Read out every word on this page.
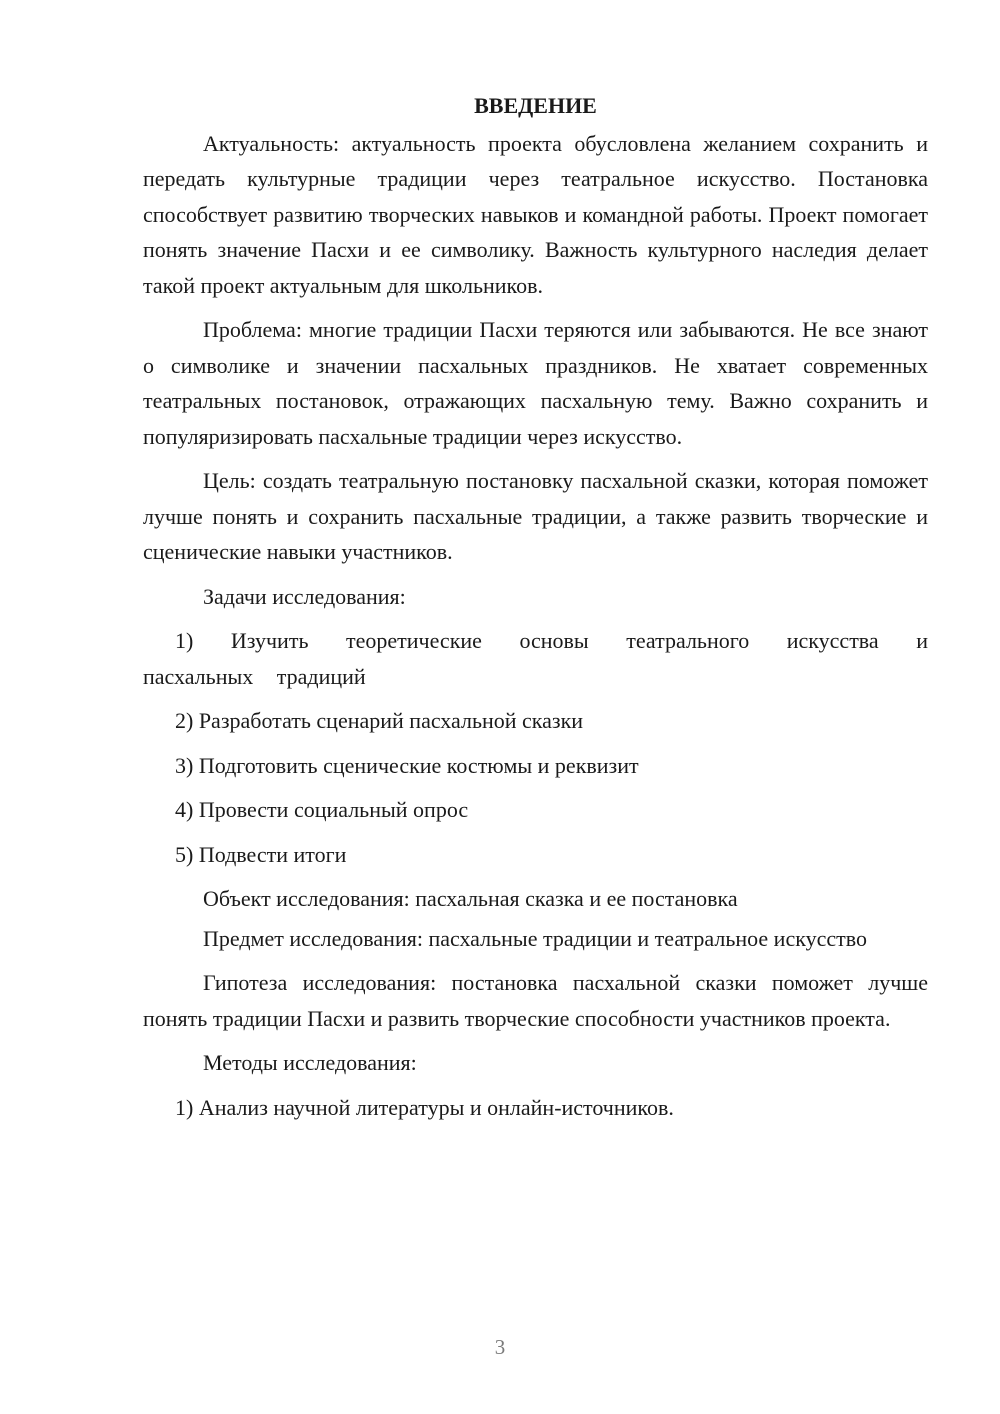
ВВЕДЕНИЕ

Актуальность: актуальность проекта обусловлена желанием сохранить и передать культурные традиции через театральное искусство. Постановка способствует развитию творческих навыков и командной работы. Проект помогает понять значение Пасхи и ее символику. Важность культурного наследия делает такой проект актуальным для школьников.

Проблема: многие традиции Пасхи теряются или забываются. Не все знают о символике и значении пасхальных праздников. Не хватает современных театральных постановок, отражающих пасхальную тему. Важно сохранить и популяризировать пасхальные традиции через искусство.

Цель: создать театральную постановку пасхальной сказки, которая поможет лучше понять и сохранить пасхальные традиции, а также развить творческие и сценические навыки участников.

Задачи исследования:

1) Изучить теоретические основы театрального искусства и пасхальных традиций

2) Разработать сценарий пасхальной сказки

3) Подготовить сценические костюмы и реквизит

4) Провести социальный опрос

5) Подвести итоги

Объект исследования: пасхальная сказка и ее постановка

Предмет исследования: пасхальные традиции и театральное искусство

Гипотеза исследования: постановка пасхальной сказки поможет лучше понять традиции Пасхи и развить творческие способности участников проекта.

Методы исследования:

1) Анализ научной литературы и онлайн-источников.

3
